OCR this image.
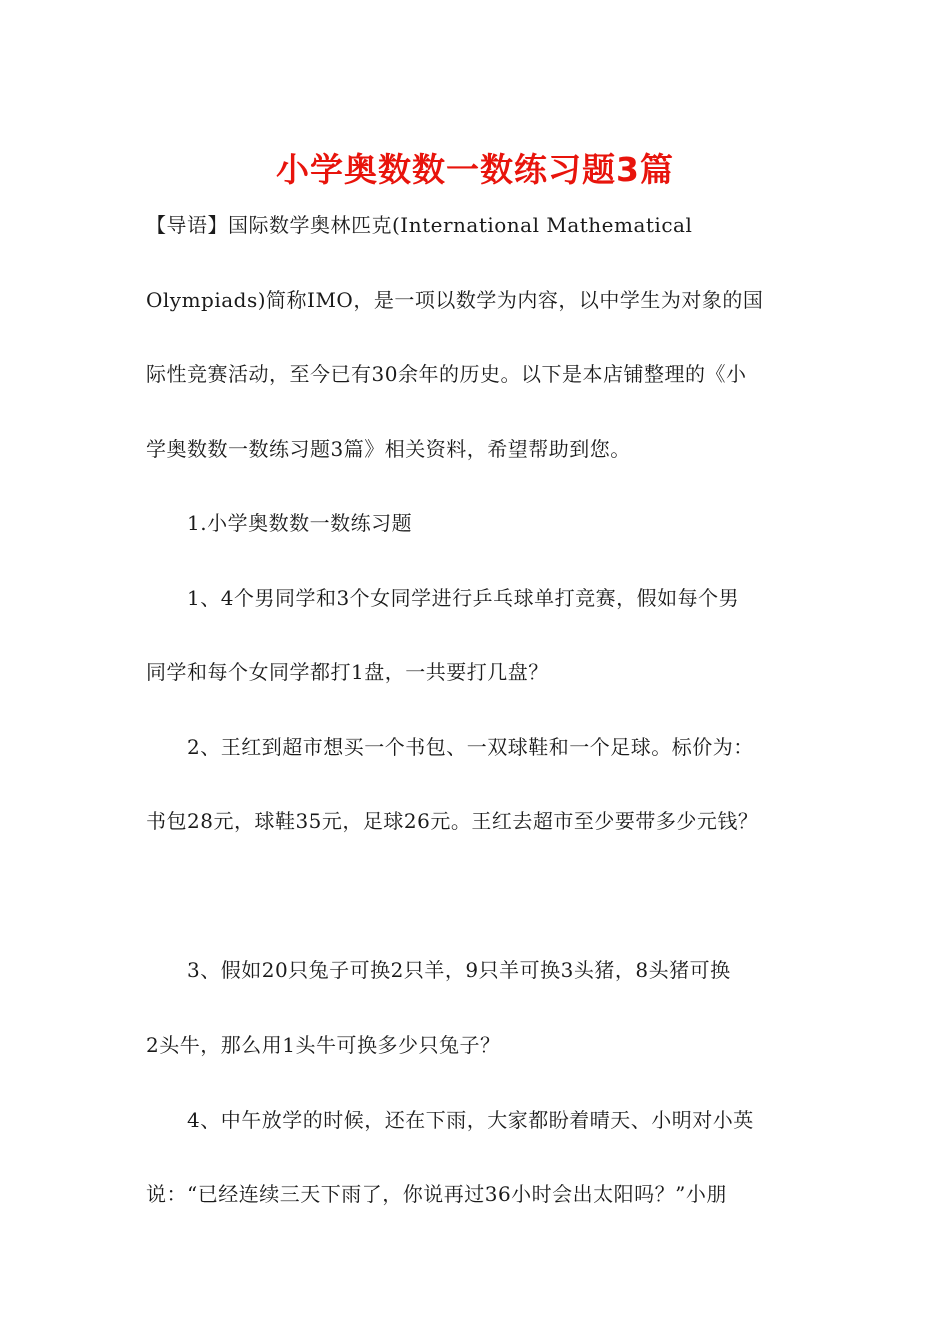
小学奥数数一数练习题3篇
【导语】国际数学奥林匹克(International Mathematical
Olympiads)简称IMO，是一项以数学为内容，以中学生为对象的国
际性竞赛活动，至今已有30余年的历史。以下是本店铺整理的《小
学奥数数一数练习题3篇》相关资料，希望帮助到您。
1.小学奥数数一数练习题
1、4个男同学和3个女同学进行乒乓球单打竞赛，假如每个男
同学和每个女同学都打1盘，一共要打几盘？
2、王红到超市想买一个书包、一双球鞋和一个足球。标价为：
书包28元，球鞋35元，足球26元。王红去超市至少要带多少元钱？
3、假如20只兔子可换2只羊，9只羊可换3头猪，8头猪可换
2头牛，那么用1头牛可换多少只兔子？
4、中午放学的时候，还在下雨，大家都盼着晴天、小明对小英
说：“已经连续三天下雨了，你说再过36小时会出太阳吗？”小朋
